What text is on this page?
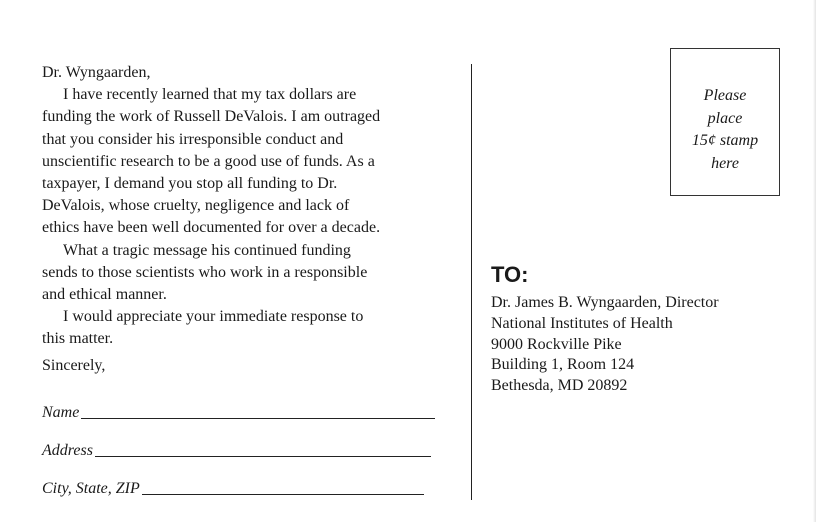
Dr. Wyngaarden,

I have recently learned that my tax dollars are
funding the work of Russell DeValois. I am outraged
that you consider his irresponsible conduct and
unscientific research to be a good use of funds. As a
taxpayer, I demand you stop all funding to Dr.
DeValois, whose cruelty, negligence and lack of
ethics have been well documented for over a decade.

What a tragic message his continued funding
sends to those scientists who work in a responsible
and ethical manner.

I would appreciate your immediate response to
this matter.

Sincerely,

Name
Address
City, State, ZIP
Please
place
15¢ stamp
here
TO:
Dr. James B. Wyngaarden, Director
National Institutes of Health
9000 Rockville Pike
Building 1, Room 124
Bethesda, MD 20892
